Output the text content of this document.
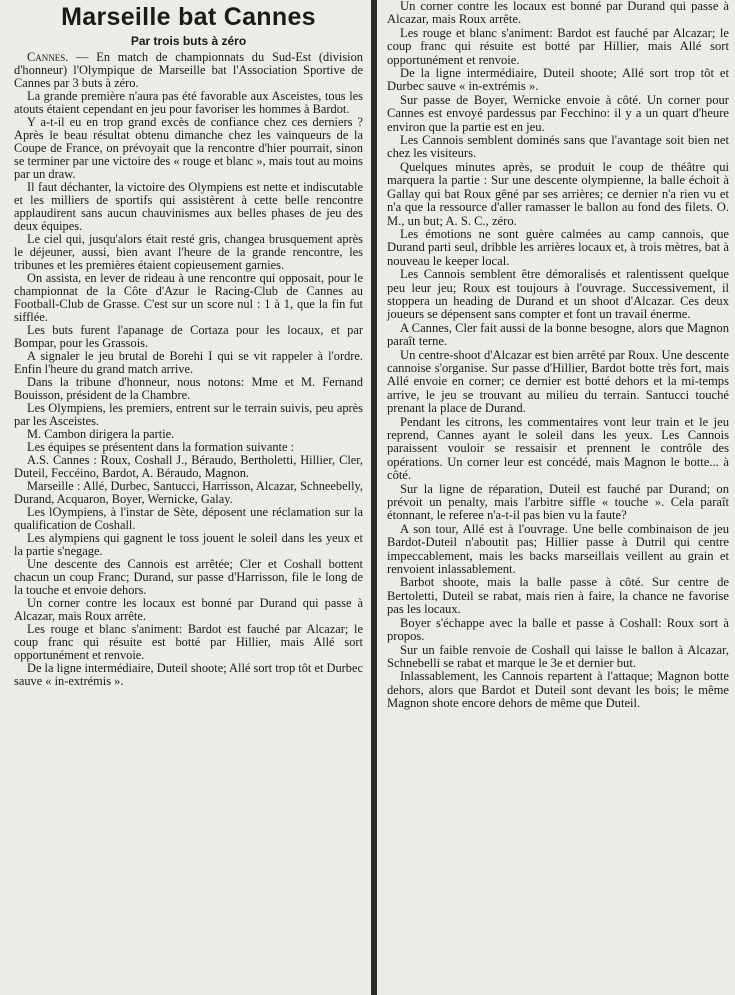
Marseille bat Cannes
Par trois buts à zéro

Cannes. — En match de championnats du Sud-Est (division d'honneur) l'Olympique de Marseille bat l'Association Sportive de Cannes par 3 buts à zéro.

La grande première n'aura pas été favorable aux Asceistes, tous les atouts étaient cependant en jeu pour favoriser les hommes à Bardot.

Y a-t-il eu en trop grand excès de confiance chez ces derniers ? Après le beau résultat obtenu dimanche chez les vainqueurs de la Coupe de France, on prévoyait que la rencontre d'hier pourrait, sinon se terminer par une victoire des « rouge et blanc », mais tout au moins par un draw.

Il faut déchanter, la victoire des Olympiens est nette et indiscutable et les milliers de sportifs qui assistèrent à cette belle rencontre applaudirent sans aucun chauvinismes aux belles phases de jeu des deux équipes.

Le ciel qui, jusqu'alors était resté gris, changea brusquement après le déjeuner, aussi, bien avant l'heure de la grande rencontre, les tribunes et les premières étaient copieusement garnies.

On assista, en lever de rideau à une rencontre qui opposait, pour le championnat de la Côte d'Azur le Racing-Club de Cannes au Football-Club de Grasse. C'est sur un score nul : 1 à 1, que la fin fut sifflée.

Les buts furent l'apanage de Cortaza pour les locaux, et par Bompar, pour les Grassois.

A signaler le jeu brutal de Borehi I qui se vit rappeler à l'ordre. Enfin l'heure du grand match arrive.

Dans la tribune d'honneur, nous notons: Mme et M. Fernand Bouisson, président de la Chambre.

Les Olympiens, les premiers, entrent sur le terrain suivis, peu après par les Asceistes.

M. Cambon dirigera la partie.

Les équipes se présentent dans la formation suivante :

A.S. Cannes : Roux, Coshall J., Béraudo, Bertholetti, Hillier, Cler, Duteil, Feccéino, Bardot, A. Béraudo, Magnon.

Marseille : Allé, Durbec, Santucci, Harrisson, Alcazar, Schneebelly, Durand, Acquaron, Boyer, Wernicke, Galay.

Les lOympiens, à l'instar de Sète, déposent une réclamation sur la qualification de Coshall.

Les alympiens qui gagnent le toss jouent le soleil dans les yeux et la partie s'negage.

Une descente des Cannois est arrêtée; Cler et Coshall bottent chacun un coup Franc; Durand, sur passe d'Harrisson, file le long de la touche et envoie dehors.

Un corner contre les locaux est bonné par Durand qui passe à Alcazar, mais Roux arrête.

Les rouge et blanc s'animent: Bardot est fauché par Alcazar; le coup franc qui résuite est botté par Hillier, mais Allé sort opportunément et renvoie.

De la ligne intermédiaire, Duteil shoote; Allé sort trop tôt et Durbec sauve « in-extrémis ».

Un corner contre les locaux est bonné par Durand qui passe à Alcazar, mais Roux arrête.

Les rouge et blanc s'animent: Bardot est fauché par Alcazar; le coup franc qui résuite est botté par Hillier, mais Allé sort opportunément et renvoie.

De la ligne intermédiaire, Duteil shoote; Allé sort trop tôt et Durbec sauve « in-extrémis ».

Sur passe de Boyer, Wernicke envoie à côté. Un corner pour Cannes est envoyé pardessus par Fecchino: il y a un quart d'heure environ que la partie est en jeu.

Les Cannois semblent dominés sans que l'avantage soit bien net chez les visiteurs.

Quelques minutes après, se produit le coup de théâtre qui marquera la partie : Sur une descente olympienne, la balle échoit à Gallay qui bat Roux gêné par ses arrières; ce dernier n'a rien vu et n'a que la ressource d'aller ramasser le ballon au fond des filets. O. M., un but; A. S. C., zéro.

Les émotions ne sont guère calmées au camp cannois, que Durand parti seul, dribble les arrières locaux et, à trois mètres, bat à nouveau le keeper local.

Les Cannois semblent être démoralisés et ralentissent quelque peu leur jeu; Roux est toujours à l'ouvrage. Successivement, il stoppera un heading de Durand et un shoot d'Alcazar. Ces deux joueurs se dépensent sans compter et font un travail énerme.

A Cannes, Cler fait aussi de la bonne besogne, alors que Magnon paraît terne.

Un centre-shoot d'Alcazar est bien arrêté par Roux. Une descente cannoise s'organise. Sur passe d'Hillier, Bardot botte très fort, mais Allé envoie en corner; ce dernier est botté dehors et la mi-temps arrive, le jeu se trouvant au milieu du terrain. Santucci touché prenant la place de Durand.

Pendant les citrons, les commentaires vont leur train et le jeu reprend, Cannes ayant le soleil dans les yeux. Les Cannois paraissent vouloir se ressaisir et prennent le contrôle des opérations. Un corner leur est concédé, mais Magnon le botte... à côté.

Sur la ligne de réparation, Duteil est fauché par Durand; on prévoit un penalty, mais l'arbitre siffle « touche ». Cela paraît étonnant, le referee n'a-t-il pas bien vu la faute?

A son tour, Allé est à l'ouvrage. Une belle combinaison de jeu Bardot-Duteil n'aboutit pas; Hillier passe à Dutril qui centre impeccablement, mais les backs marseillais veillent au grain et renvoient inlassablement.

Barbot shoote, mais la balle passe à côté. Sur centre de Bertoletti, Duteil se rabat, mais rien à faire, la chance ne favorise pas les locaux.

Boyer s'échappe avec la balle et passe à Coshall: Roux sort à propos.

Sur un faible renvoie de Coshall qui laisse le ballon à Alcazar, Schnebelli se rabat et marque le 3e et dernier but.

Inlassablement, les Cannois repartent à l'attaque; Magnon botte dehors, alors que Bardot et Duteil sont devant les bois; le même Magnon shote encore dehors de même que Duteil.
